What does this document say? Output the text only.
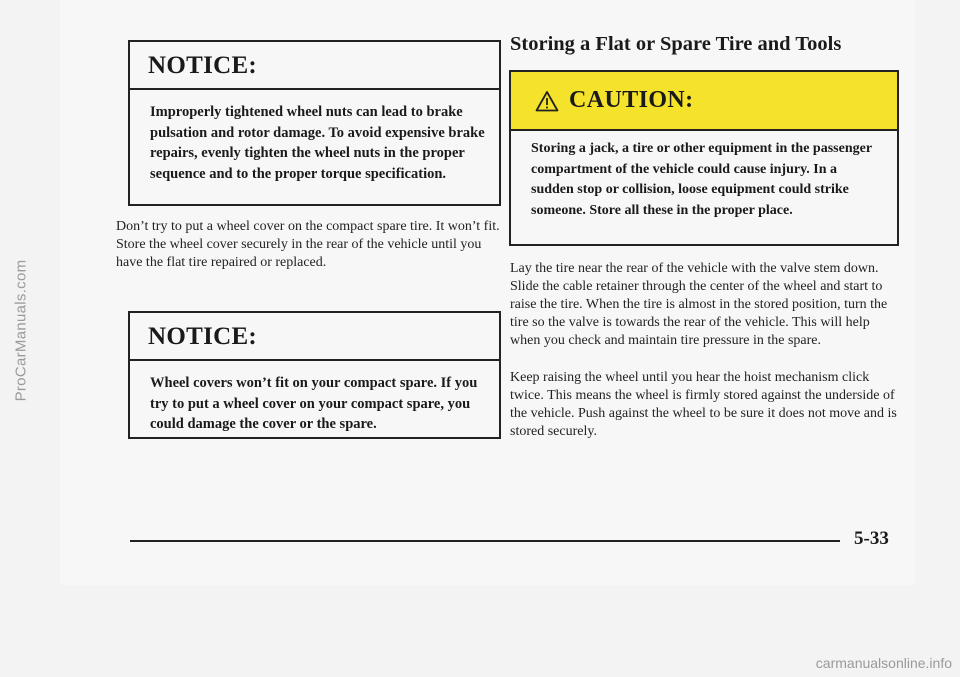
ProCarManuals.com
NOTICE:
Improperly tightened wheel nuts can lead to brake pulsation and rotor damage. To avoid expensive brake repairs, evenly tighten the wheel nuts in the proper sequence and to the proper torque specification.
Don’t try to put a wheel cover on the compact spare tire. It won’t fit. Store the wheel cover securely in the rear of the vehicle until you have the flat tire repaired or replaced.
NOTICE:
Wheel covers won’t fit on your compact spare. If you try to put a wheel cover on your compact spare, you could damage the cover or the spare.
Storing a Flat or Spare Tire and Tools
CAUTION:
Storing a jack, a tire or other equipment in the passenger compartment of the vehicle could cause injury. In a sudden stop or collision, loose equipment could strike someone. Store all these in the proper place.
Lay the tire near the rear of the vehicle with the valve stem down. Slide the cable retainer through the center of the wheel and start to raise the tire. When the tire is almost in the stored position, turn the tire so the valve is towards the rear of the vehicle. This will help when you check and maintain tire pressure in the spare.
Keep raising the wheel until you hear the hoist mechanism click twice. This means the wheel is firmly stored against the underside of the vehicle. Push against the wheel to be sure it does not move and is stored securely.
5-33
carmanualsonline.info
